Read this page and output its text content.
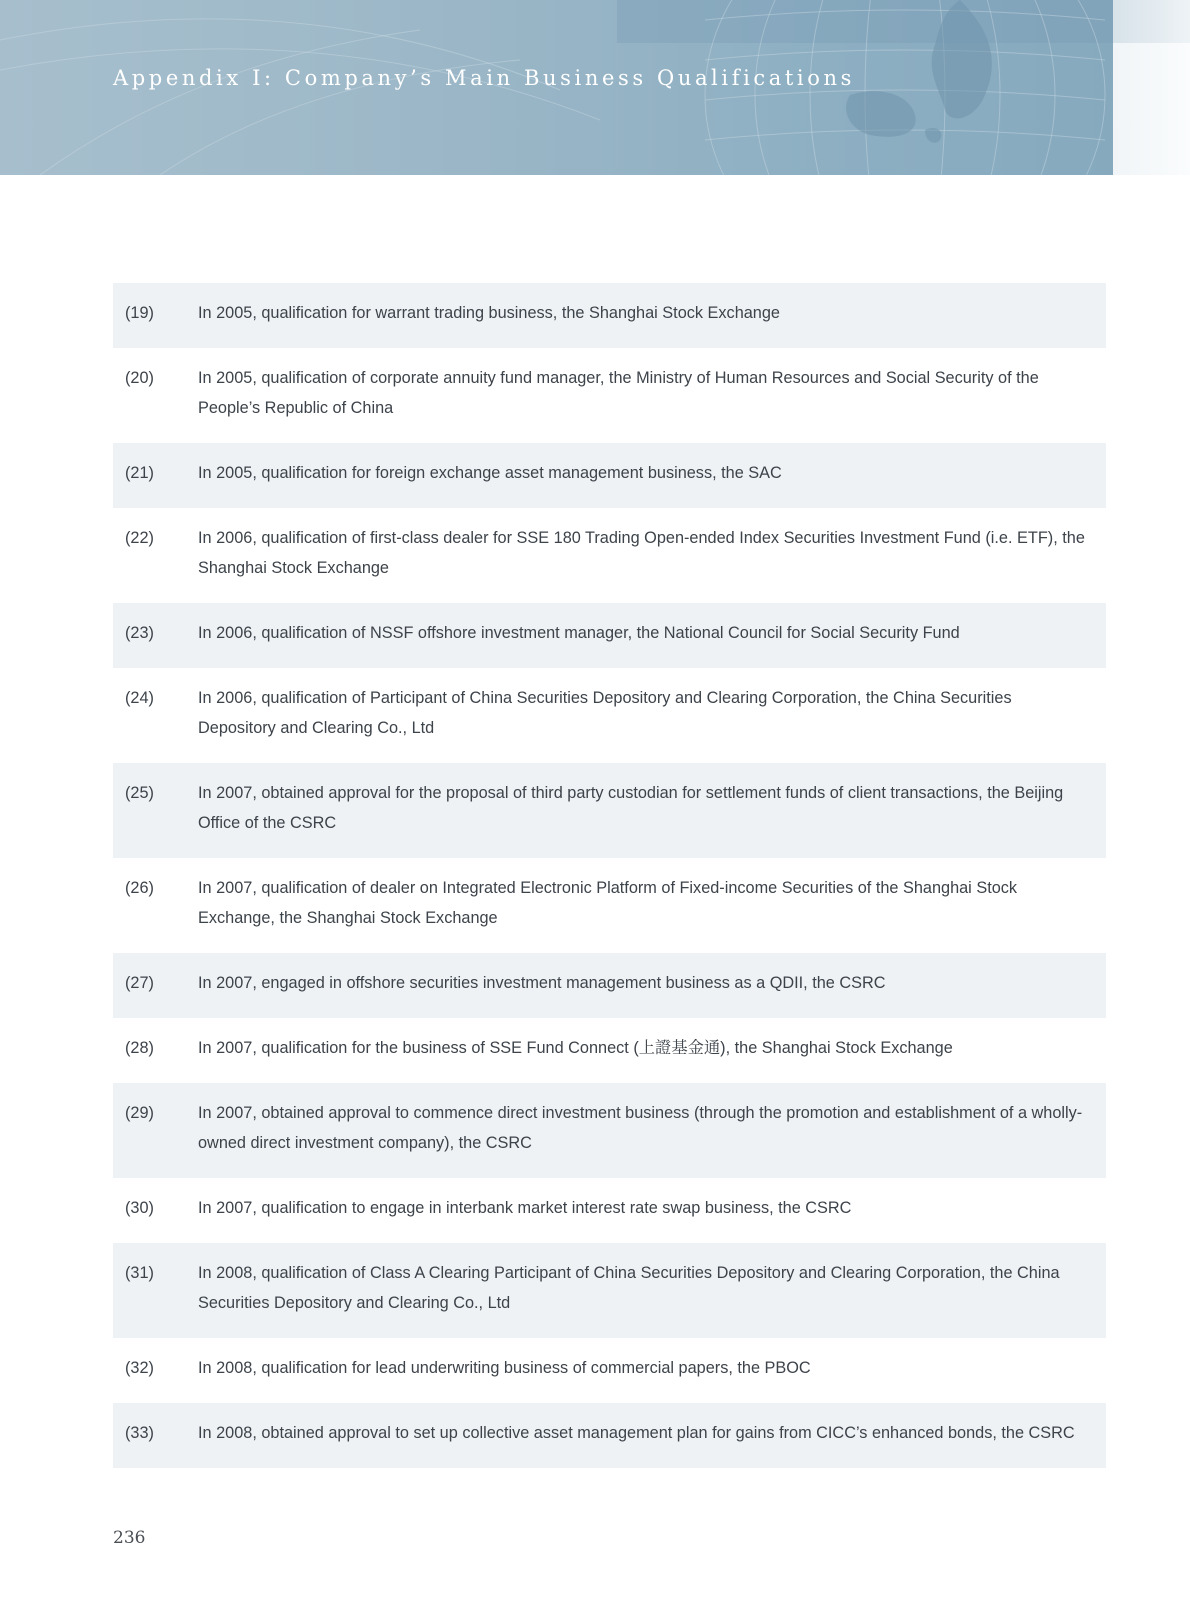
Appendix I: Company’s Main Business Qualifications
(19)	In 2005, qualification for warrant trading business, the Shanghai Stock Exchange
(20)	In 2005, qualification of corporate annuity fund manager, the Ministry of Human Resources and Social Security of the People’s Republic of China
(21)	In 2005, qualification for foreign exchange asset management business, the SAC
(22)	In 2006, qualification of first-class dealer for SSE 180 Trading Open-ended Index Securities Investment Fund (i.e. ETF), the Shanghai Stock Exchange
(23)	In 2006, qualification of NSSF offshore investment manager, the National Council for Social Security Fund
(24)	In 2006, qualification of Participant of China Securities Depository and Clearing Corporation, the China Securities Depository and Clearing Co., Ltd
(25)	In 2007, obtained approval for the proposal of third party custodian for settlement funds of client transactions, the Beijing Office of the CSRC
(26)	In 2007, qualification of dealer on Integrated Electronic Platform of Fixed-income Securities of the Shanghai Stock Exchange, the Shanghai Stock Exchange
(27)	In 2007, engaged in offshore securities investment management business as a QDII, the CSRC
(28)	In 2007, qualification for the business of SSE Fund Connect (上證基金通), the Shanghai Stock Exchange
(29)	In 2007, obtained approval to commence direct investment business (through the promotion and establishment of a wholly-owned direct investment company), the CSRC
(30)	In 2007, qualification to engage in interbank market interest rate swap business, the CSRC
(31)	In 2008, qualification of Class A Clearing Participant of China Securities Depository and Clearing Corporation, the China Securities Depository and Clearing Co., Ltd
(32)	In 2008, qualification for lead underwriting business of commercial papers, the PBOC
(33)	In 2008, obtained approval to set up collective asset management plan for gains from CICC’s enhanced bonds, the CSRC
236
